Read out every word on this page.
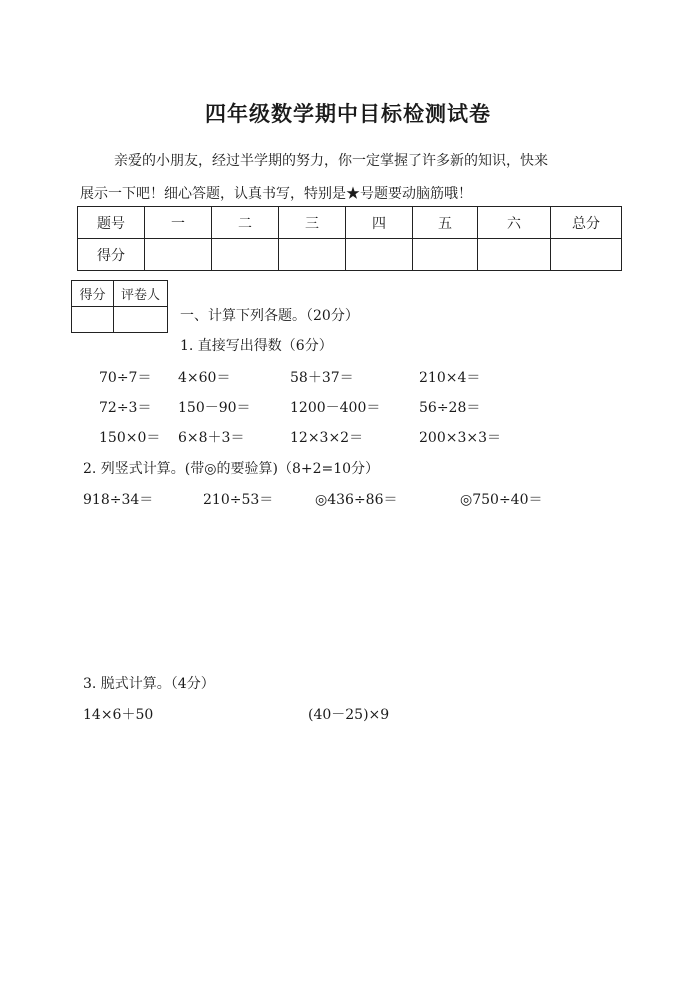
四年级数学期中目标检测试卷
亲爱的小朋友，经过半学期的努力，你一定掌握了许多新的知识，快来
展示一下吧！细心答题，认真书写，特别是★号题要动脑筋哦！
题号	一	二	三	四	五	六	总分
得分							
得分	评卷人

一、计算下列各题。（20分）
1. 直接写出得数（6分）
70÷7＝ 4×60＝	58＋37＝	210×4＝
72÷3＝ 150－90＝	1200－400＝	56÷28＝
150×0＝ 6×8＋3＝	12×3×2＝	200×3×3＝
2. 列竖式计算。(带◎的要验算)（8+2=10分）
918÷34＝	210÷53＝	◎436÷86＝	◎750÷40＝
3. 脱式计算。（4分）
14×6＋50	(40－25)×9
